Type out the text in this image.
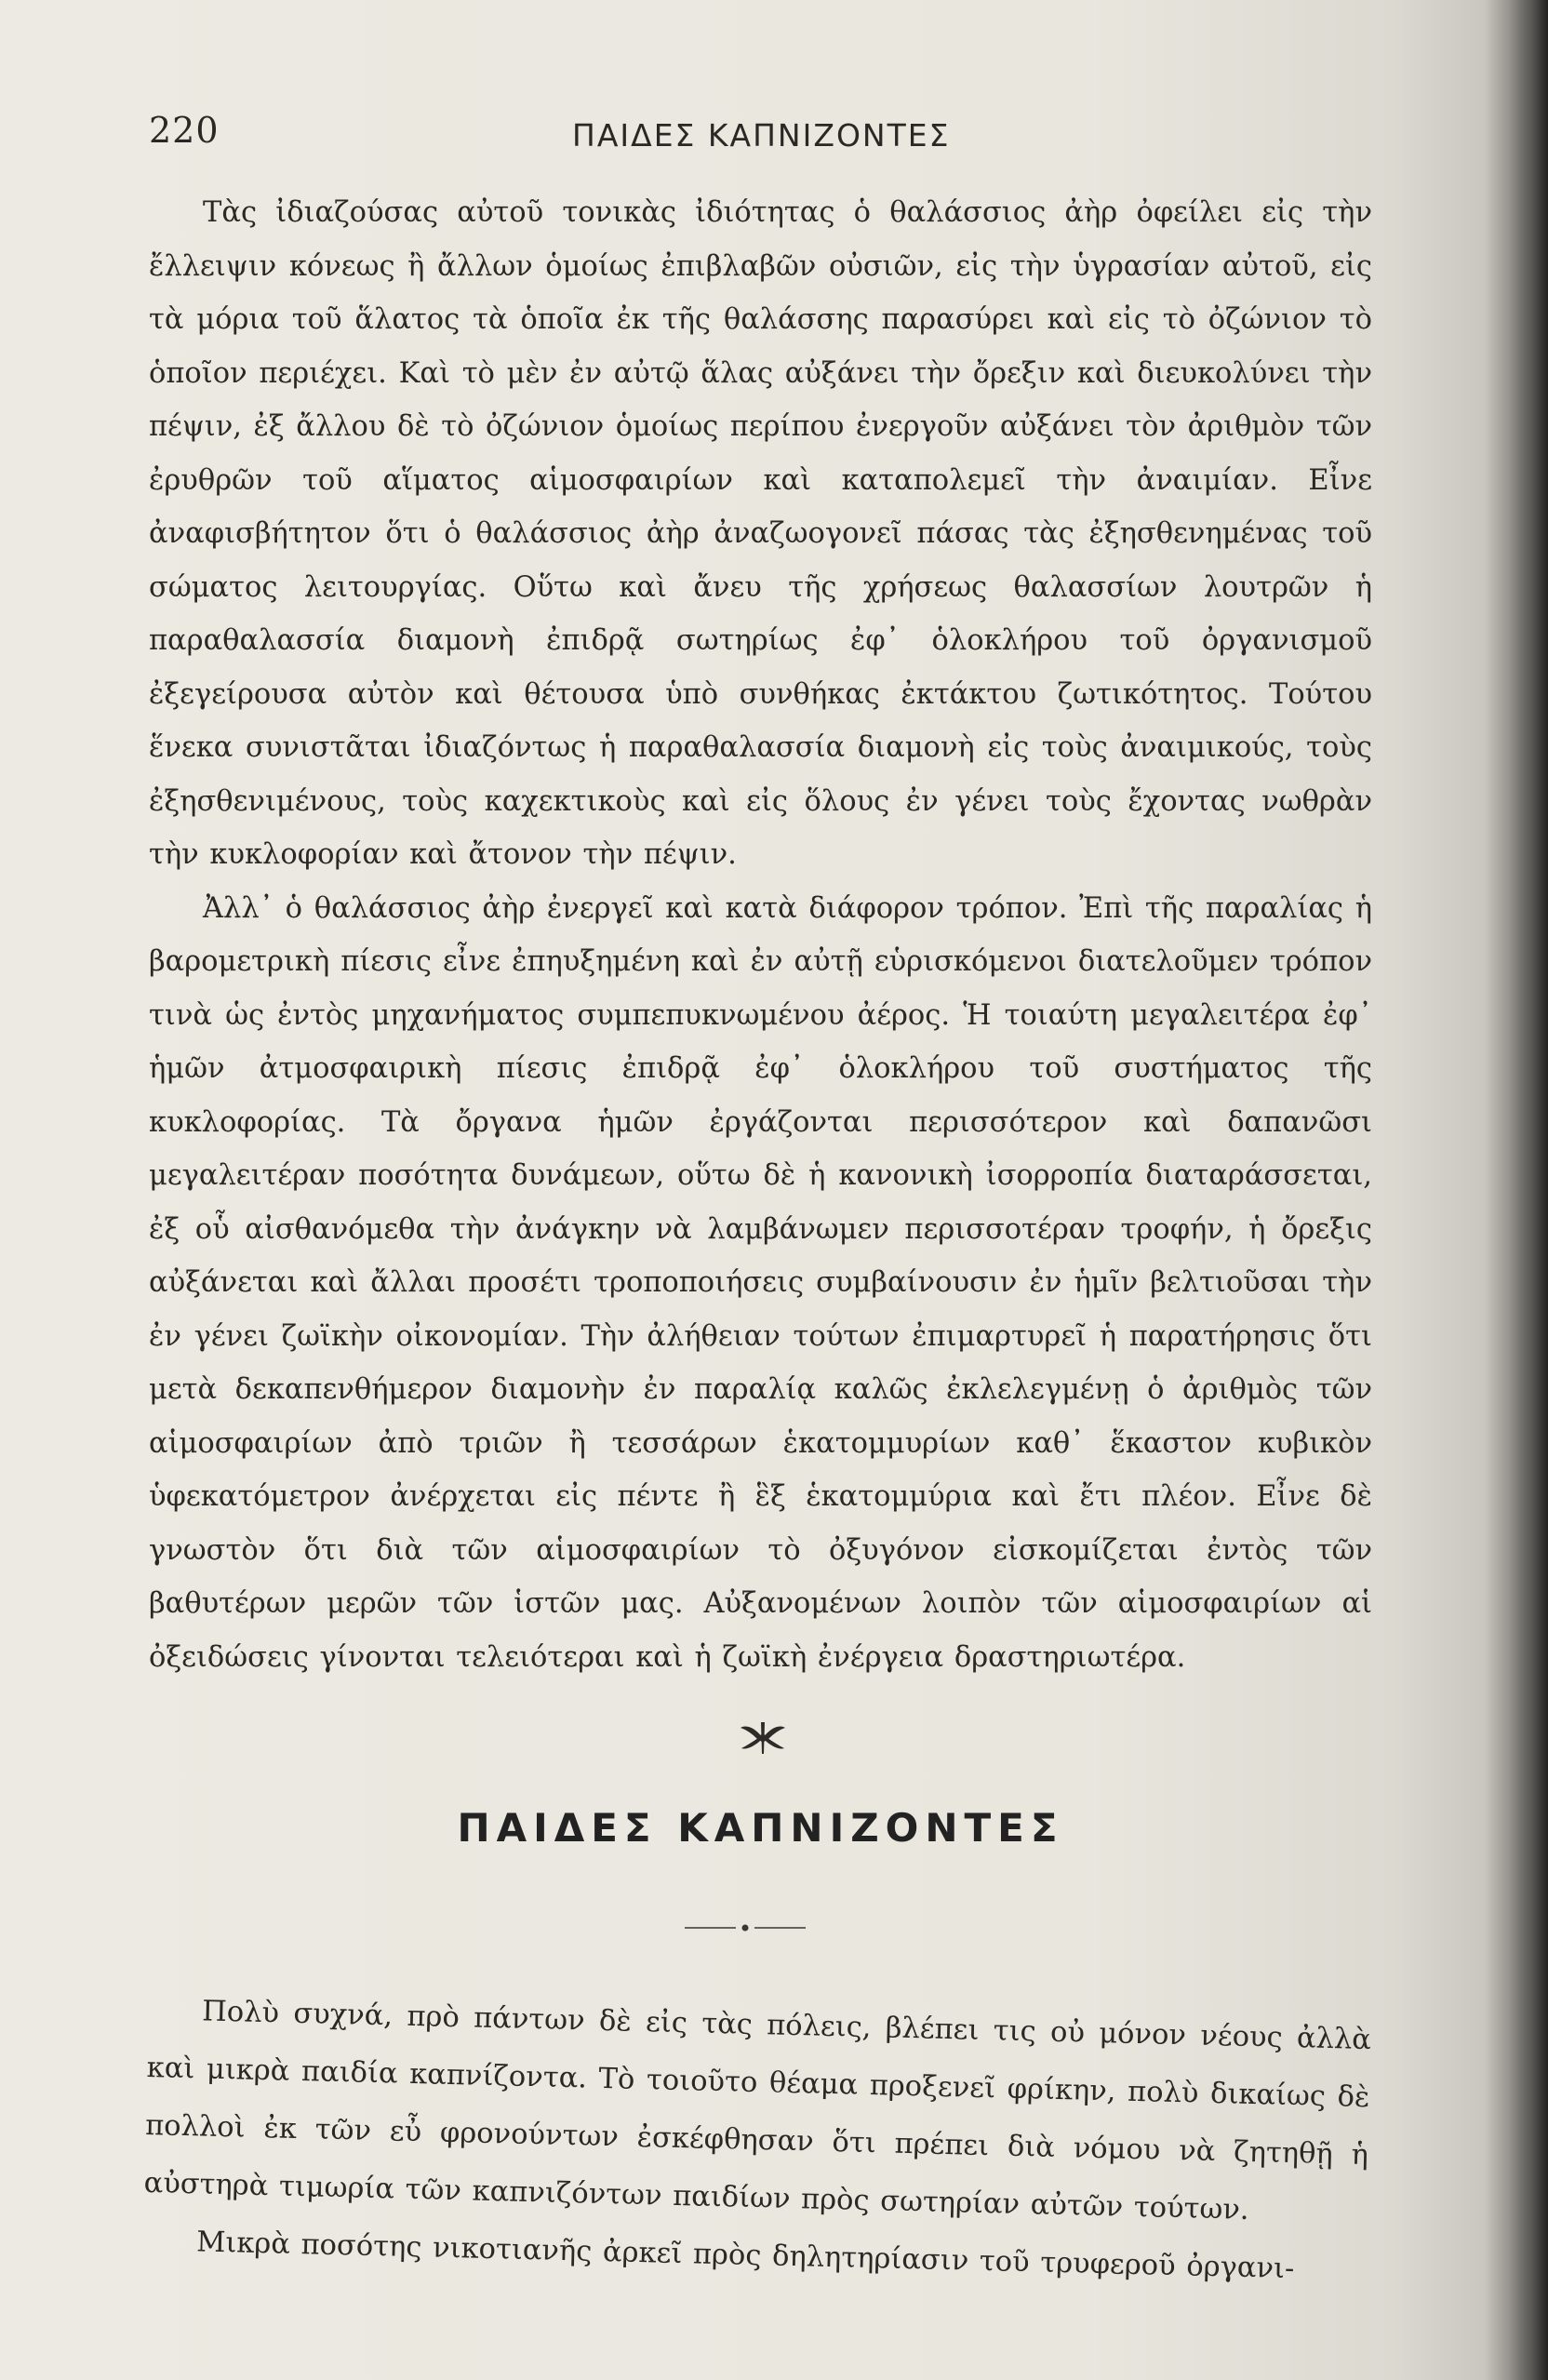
220	ΠΑΙΔΕΣ ΚΑΠΝΙΖΟΝΤΕΣ

Τὰς ἰδιαζούσας αὐτοῦ τονικὰς ἰδιότητας ὁ θαλάσσιος ἀὴρ ὀφείλει εἰς τὴν ἔλλειψιν κόνεως ἢ ἄλλων ὁμοίως ἐπιβλαβῶν οὐσιῶν, εἰς τὴν ὑγρασίαν αὐτοῦ, εἰς τὰ μόρια τοῦ ἅλατος τὰ ὁποῖα ἐκ τῆς θαλάσσης παρασύρει καὶ εἰς τὸ ὀζώνιον τὸ ὁποῖον περιέχει. Καὶ τὸ μὲν ἐν αὐτῷ ἅλας αὐξάνει τὴν ὄρεξιν καὶ διευκολύνει τὴν πέψιν, ἐξ ἄλλου δὲ τὸ ὀζώνιον ὁμοίως περίπου ἐνεργοῦν αὐξάνει τὸν ἀριθμὸν τῶν ἐρυθρῶν τοῦ αἵματος αἱμοσφαιρίων καὶ καταπολεμεῖ τὴν ἀναιμίαν. Εἶνε ἀναφισβήτητον ὅτι ὁ θαλάσσιος ἀὴρ ἀναζωογονεῖ πάσας τὰς ἐξησθενημένας τοῦ σώματος λειτουργίας. Οὕτω καὶ ἄνευ τῆς χρήσεως θαλασσίων λουτρῶν ἡ παραθαλασσία διαμονὴ ἐπιδρᾷ σωτηρίως ἐφ᾽ ὁλοκλήρου τοῦ ὀργανισμοῦ ἐξεγείρουσα αὐτὸν καὶ θέτουσα ὑπὸ συνθήκας ἐκτάκτου ζωτικότητος. Τούτου ἕνεκα συνιστᾶται ἰδιαζόντως ἡ παραθαλασσία διαμονὴ εἰς τοὺς ἀναιμικούς, τοὺς ἐξησθενιμένους, τοὺς καχεκτικοὺς καὶ εἰς ὅλους ἐν γένει τοὺς ἔχοντας νωθρὰν τὴν κυκλοφορίαν καὶ ἄτονον τὴν πέψιν.

Ἀλλ᾽ ὁ θαλάσσιος ἀὴρ ἐνεργεῖ καὶ κατὰ διάφορον τρόπον. Ἐπὶ τῆς παραλίας ἡ βαρομετρικὴ πίεσις εἶνε ἐπηυξημένη καὶ ἐν αὐτῇ εὑρισκόμενοι διατελοῦμεν τρόπον τινὰ ὡς ἐντὸς μηχανήματος συμπεπυκνωμένου ἀέρος. Ἡ τοιαύτη μεγαλειτέρα ἐφ᾽ ἡμῶν ἀτμοσφαιρικὴ πίεσις ἐπιδρᾷ ἐφ᾽ ὁλοκλήρου τοῦ συστήματος τῆς κυκλοφορίας. Τὰ ὄργανα ἡμῶν ἐργάζονται περισσότερον καὶ δαπανῶσι μεγαλειτέραν ποσότητα δυνάμεων, οὕτω δὲ ἡ κανονικὴ ἰσορροπία διαταράσσεται, ἐξ οὗ αἰσθανόμεθα τὴν ἀνάγκην νὰ λαμβάνωμεν περισσοτέραν τροφήν, ἡ ὄρεξις αὐξάνεται καὶ ἄλλαι προσέτι τροποποιήσεις συμβαίνουσιν ἐν ἡμῖν βελτιοῦσαι τὴν ἐν γένει ζωϊκὴν οἰκονομίαν. Τὴν ἀλήθειαν τούτων ἐπιμαρτυρεῖ ἡ παρατήρησις ὅτι μετὰ δεκαπενθήμερον διαμονὴν ἐν παραλίᾳ καλῶς ἐκλελεγμένῃ ὁ ἀριθμὸς τῶν αἱμοσφαιρίων ἀπὸ τριῶν ἢ τεσσάρων ἑκατομμυρίων καθ᾽ ἕκαστον κυβικὸν ὑφεκατόμετρον ἀνέρχεται εἰς πέντε ἢ ἓξ ἑκατομμύρια καὶ ἔτι πλέον. Εἶνε δὲ γνωστὸν ὅτι διὰ τῶν αἱμοσφαιρίων τὸ ὀξυγόνον εἰσκομίζεται ἐντὸς τῶν βαθυτέρων μερῶν τῶν ἱστῶν μας. Αὐξανομένων λοιπὸν τῶν αἱμοσφαιρίων αἱ ὀξειδώσεις γίνονται τελειότεραι καὶ ἡ ζωϊκὴ ἐνέργεια δραστηριωτέρα.

ΠΑΙΔΕΣ ΚΑΠΝΙΖΟΝΤΕΣ

Πολὺ συχνά, πρὸ πάντων δὲ εἰς τὰς πόλεις, βλέπει τις οὐ μόνον νέους ἀλλὰ καὶ μικρὰ παιδία καπνίζοντα. Τὸ τοιοῦτο θέαμα προξενεῖ φρίκην, πολὺ δικαίως δὲ πολλοὶ ἐκ τῶν εὖ φρονούντων ἐσκέφθησαν ὅτι πρέπει διὰ νόμου νὰ ζητηθῇ ἡ αὐστηρὰ τιμωρία τῶν καπνιζόντων παιδίων πρὸς σωτηρίαν αὐτῶν τούτων.

Μικρὰ ποσότης νικοτιανῆς ἀρκεῖ πρὸς δηλητηρίασιν τοῦ τρυφεροῦ ὀργανι-
